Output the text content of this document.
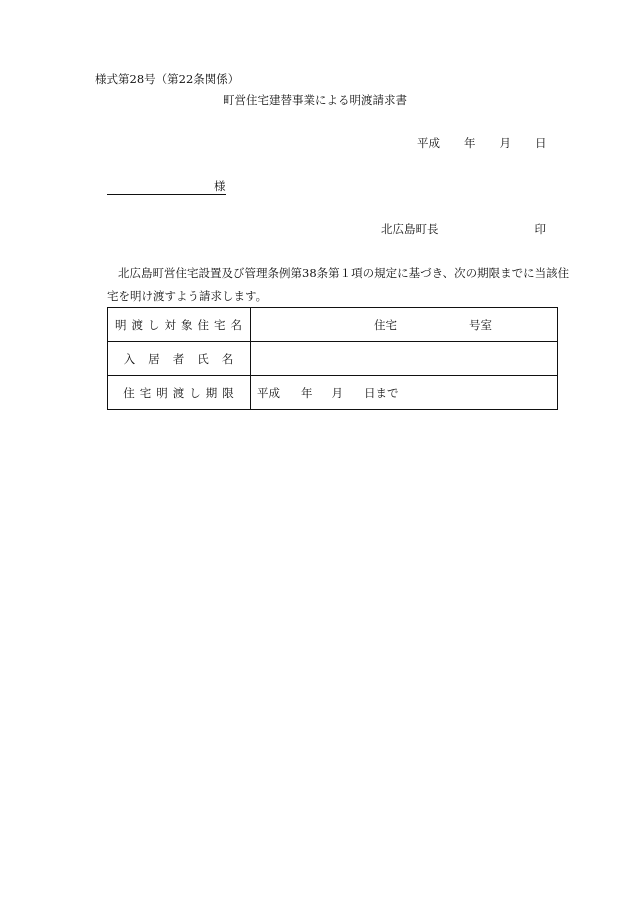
様式第28号（第22条関係）
町営住宅建替事業による明渡請求書
平成 年 月 日
様
北広島町長	印
北広島町営住宅設置及び管理条例第38条第１項の規定に基づき、次の期限までに当該住宅を明け渡すよう請求します。
明渡し対象住宅名	住宅 号室

入居者氏名	
住宅明渡し期限	平成 年 月 日まで
